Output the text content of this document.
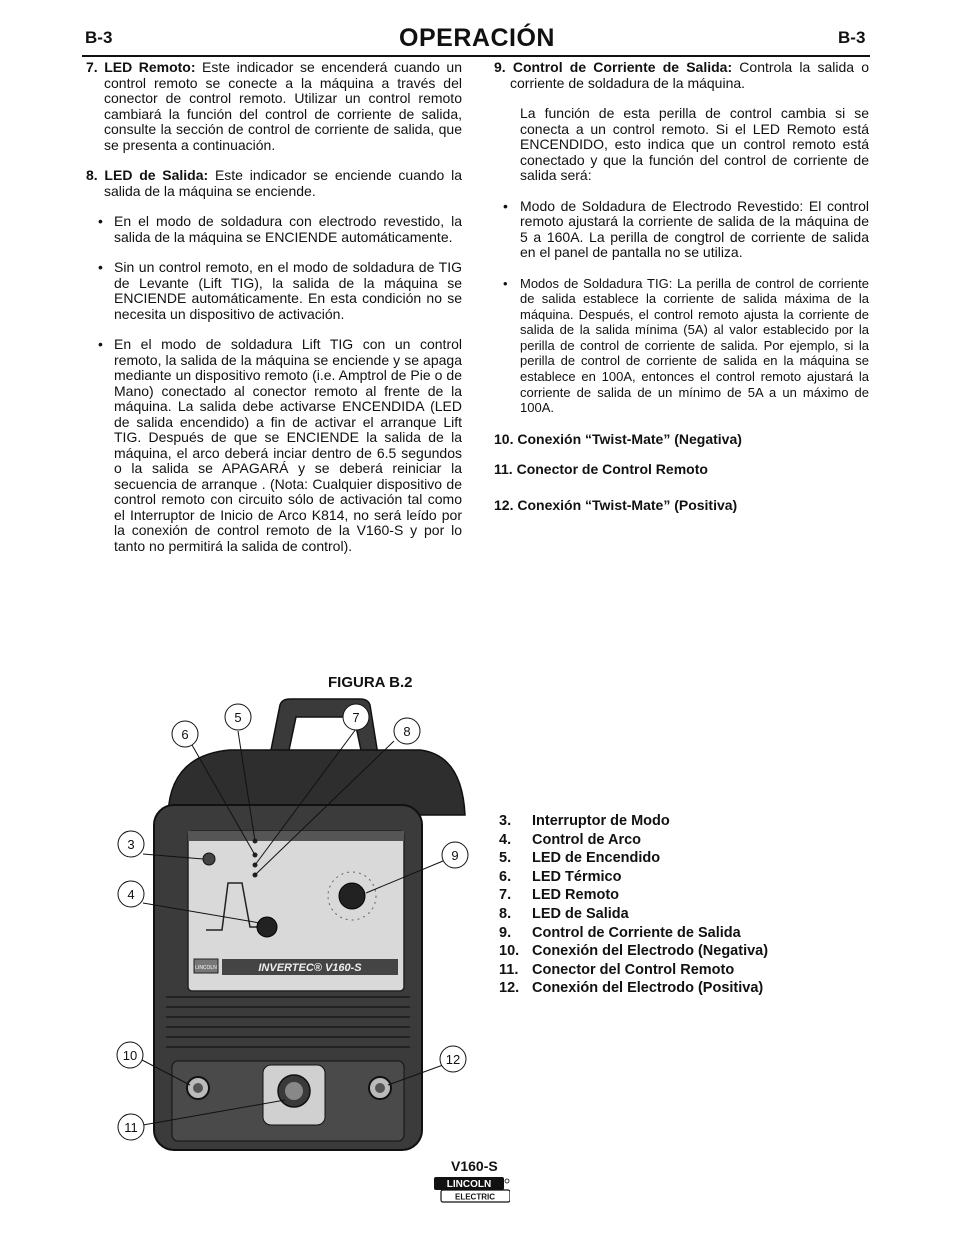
B-3	OPERACIÓN	B-3

7. LED Remoto: Este indicador se encenderá cuando un control remoto se conecte a la máquina a través del conector de control remoto. Utilizar un control remoto cambiará la función del control de corriente de salida, consulte la sección de control de corriente de salida, que se presenta a continuación.

8. LED de Salida: Este indicador se enciende cuando la salida de la máquina se enciende.

• En el modo de soldadura con electrodo revestido, la salida de la máquina se ENCIENDE automáticamente.

• Sin un control remoto, en el modo de soldadura de TIG de Levante (Lift TIG), la salida de la máquina se ENCIENDE automáticamente. En esta condición no se necesita un dispositivo de activación.

• En el modo de soldadura Lift TIG con un control remoto, la salida de la máquina se enciende y se apaga mediante un dispositivo remoto (i.e. Amptrol de Pie o de Mano) conectado al conector remoto al frente de la máquina. La salida debe activarse ENCENDIDA (LED de salida encendido) a fin de activar el arranque Lift TIG. Después de que se ENCIENDE la salida de la máquina, el arco deberá inciar dentro de 6.5 segundos o la salida se APAGARÁ y se deberá reiniciar la secuencia de arranque . (Nota: Cualquier dispositivo de control remoto con circuito sólo de activación tal como el Interruptor de Inicio de Arco K814, no será leído por la conexión de control remoto de la V160-S y por lo tanto no permitirá la salida de control).

9. Control de Corriente de Salida: Controla la salida o corriente de soldadura de la máquina.

La función de esta perilla de control cambia si se conecta a un control remoto. Si el LED Remoto está ENCENDIDO, esto indica que un control remoto está conectado y que la función del control de corriente de salida será:

• Modo de Soldadura de Electrodo Revestido: El control remoto ajustará la corriente de salida de la máquina de 5 a 160A. La perilla de congtrol de corriente de salida en el panel de pantalla no se utiliza.

• Modos de Soldadura TIG: La perilla de control de corriente de salida establece la corriente de salida máxima de la máquina. Después, el control remoto ajusta la corriente de salida de la salida mínima (5A) al valor establecido por la perilla de control de corriente de salida. Por ejemplo, si la perilla de control de corriente de salida en la máquina se establece en 100A, entonces el control remoto ajustará la corriente de salida de un mínimo de 5A a un máximo de 100A.

10. Conexión “Twist-Mate” (Negativa)

11. Conector de Control Remoto

12. Conexión “Twist-Mate” (Positiva)

FIGURA B.2
LINCOLN	INVERTEC® V160-S
5
6
7
8
3
9
4
10	12
11
3. Interruptor de Modo
4. Control de Arco
5. LED de Encendido
6. LED Térmico
7. LED Remoto
8. LED de Salida
9. Control de Corriente de Salida
10. Conexión del Electrodo (Negativa)
11. Conector del Control Remoto
12. Conexión del Electrodo (Positiva)
V160-S
LINCOLN
ELECTRIC
